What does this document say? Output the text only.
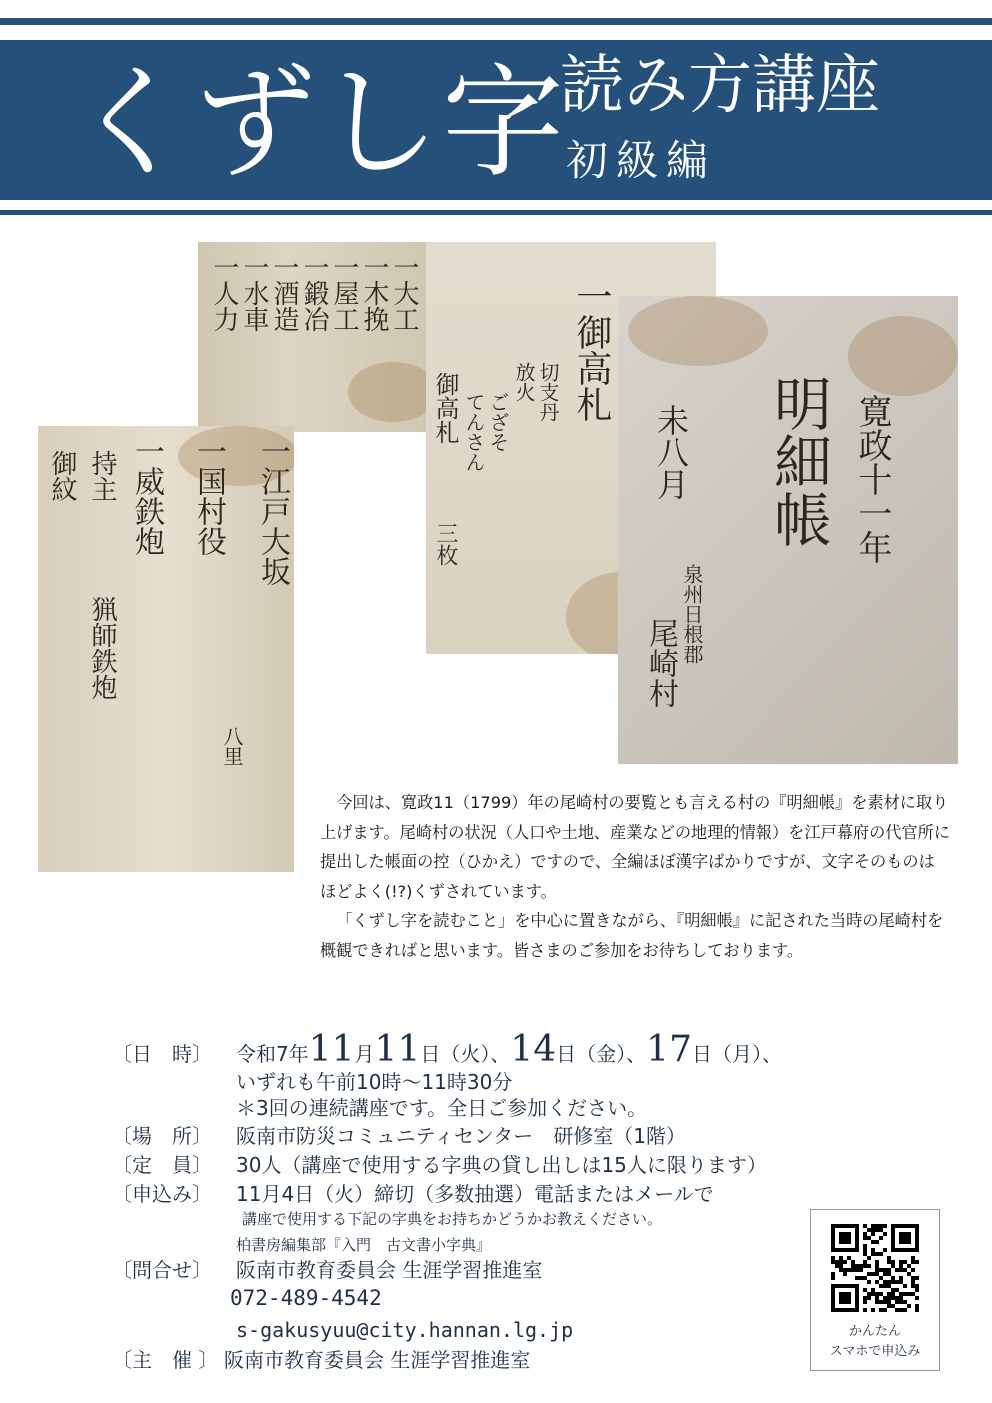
くずし字
読み方講座
初級編
一大工
一木挽
一屋工
一鍛冶
一酒造
一水車
一人力	一御高札
切支丹
放火
ござそ
てんさん
御高札
三枚	寛政十一年
明細帳
未八月
泉州日根郡
尾崎村
一江戸大坂
一国村役
一威鉄炮
持主
猟師鉄炮
御紋
八里

今回は、寛政11（1799）年の尾崎村の要覧とも言える村の『明細帳』を素材に取り上げます。尾崎村の状況（人口や土地、産業などの地理的情報）を江戸幕府の代官所に提出した帳面の控（ひかえ）ですので、全編ほぼ漢字ばかりですが、文字そのものはほどよく(!?)くずされています。

「くずし字を読むこと」を中心に置きながら、『明細帳』に記された当時の尾崎村を概観できればと思います。皆さまのご参加をお待ちしております。

〔日　時〕 令和7年11月11日（火）、14日（金）、17日（月）、
いずれも午前10時～11時30分
＊3回の連続講座です。全日ご参加ください。
〔場　所〕 阪南市防災コミュニティセンター　研修室（1階）
〔定　員〕 30人（講座で使用する字典の貸し出しは15人に限ります）
〔申込み〕 11月4日（火）締切（多数抽選）電話またはメールで
講座で使用する下記の字典をお持ちかどうかお教えください。
柏書房編集部『入門　古文書小字典』
〔問合せ〕 阪南市教育委員会 生涯学習推進室
072-489-4542
s-gakusyuu@city.hannan.lg.jp
〔主　催 〕 阪南市教育委員会 生涯学習推進室
かんたん
スマホで申込み
